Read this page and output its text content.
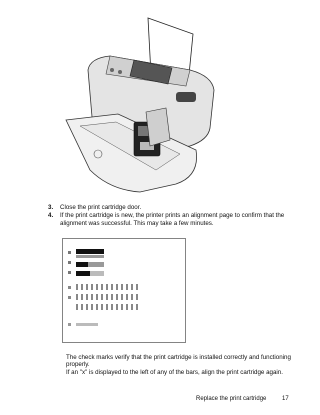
3.	Close the print cartridge door.
4.	If the print cartridge is new, the printer prints an alignment page to confirm that the alignment was successful. This may take a few minutes.

The check marks verify that the print cartridge is installed correctly and functioning properly.

If an "x" is displayed to the left of any of the bars, align the print cartridge again.

Replace the print cartridge	17
